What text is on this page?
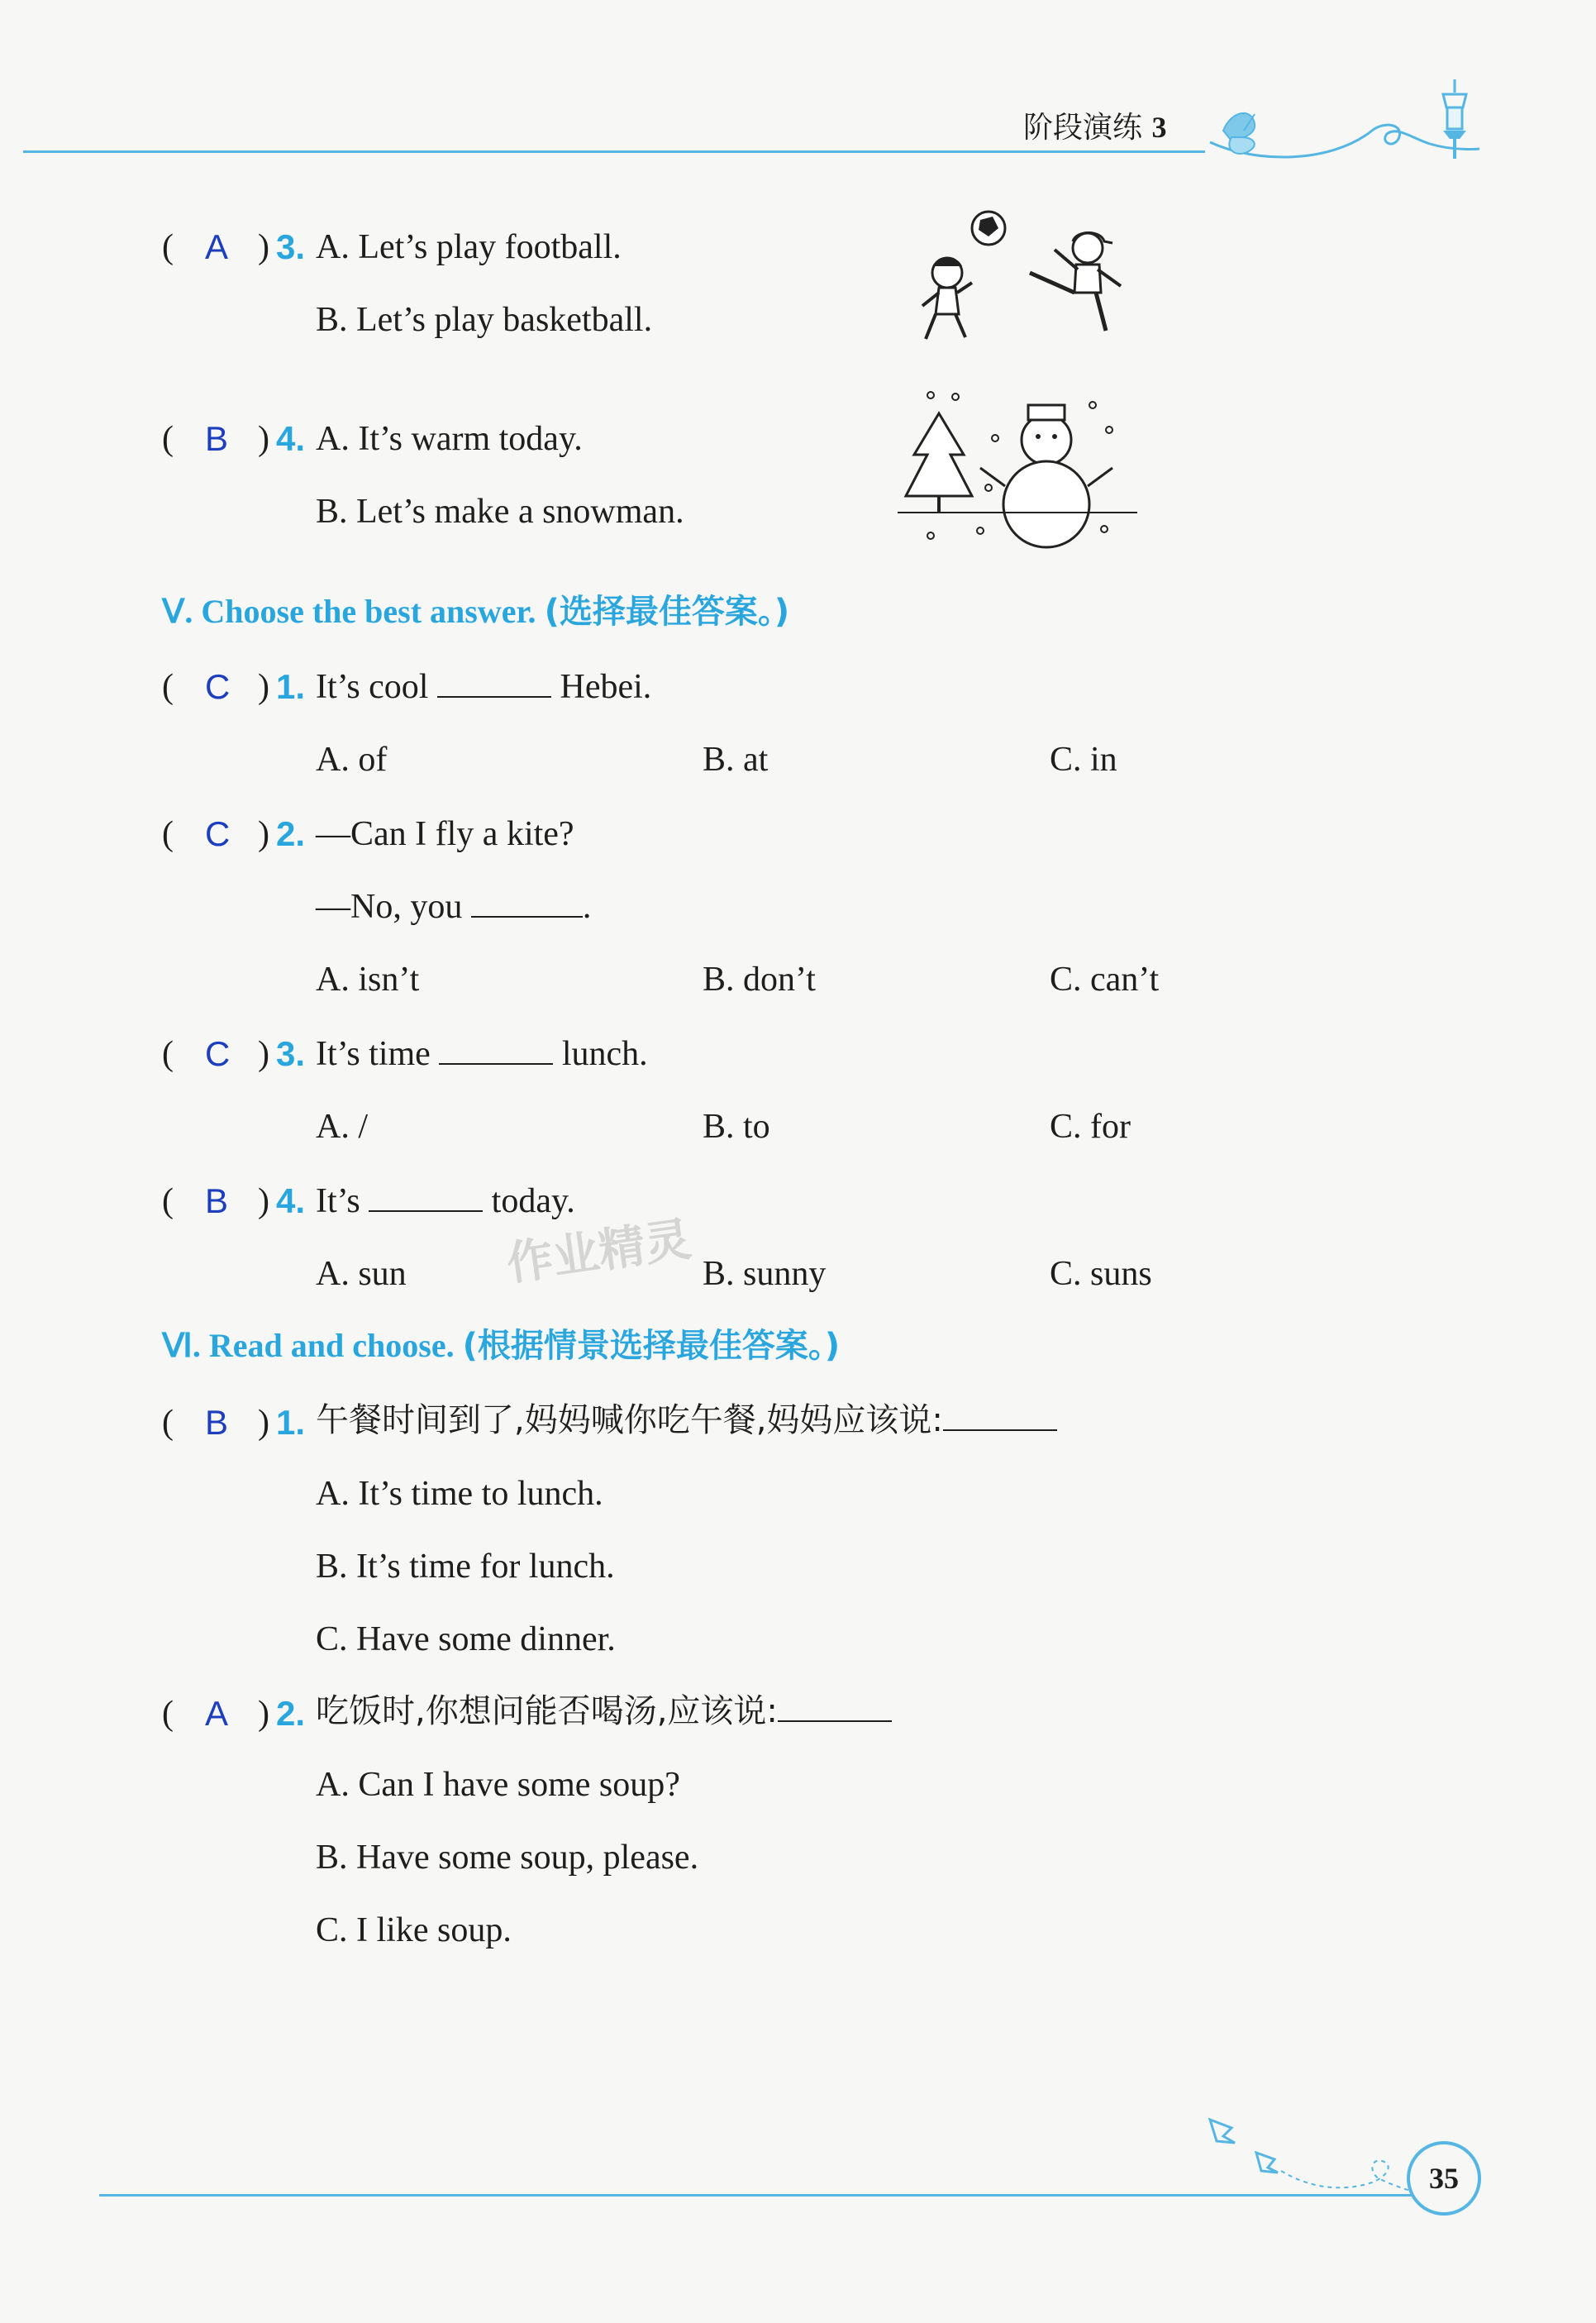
阶段演练 3
( A ) 3. A. Let’s play football.
B. Let’s play basketball.
( B ) 4. A. It’s warm today.
B. Let’s make a snowman.
Ⅴ. Choose the best answer. (选择最佳答案。)
( C ) 1. It’s cool	Hebei.
A. of	B. at	C. in
( C ) 2. —Can I fly a kite?
—No, you	.
A. isn’t	B. don’t	C. can’t
( C ) 3. It’s time	lunch.
A. /	B. to	C. for
( B ) 4. It’s	today.
A. sun	B. sunny	C. suns
作业精灵
Ⅵ. Read and choose. (根据情景选择最佳答案。)
( B ) 1. 午餐时间到了,妈妈喊你吃午餐,妈妈应该说:
A. It’s time to lunch.
B. It’s time for lunch.
C. Have some dinner.
( A ) 2. 吃饭时,你想问能否喝汤,应该说:
A. Can I have some soup?
B. Have some soup, please.
C. I like soup.
35
